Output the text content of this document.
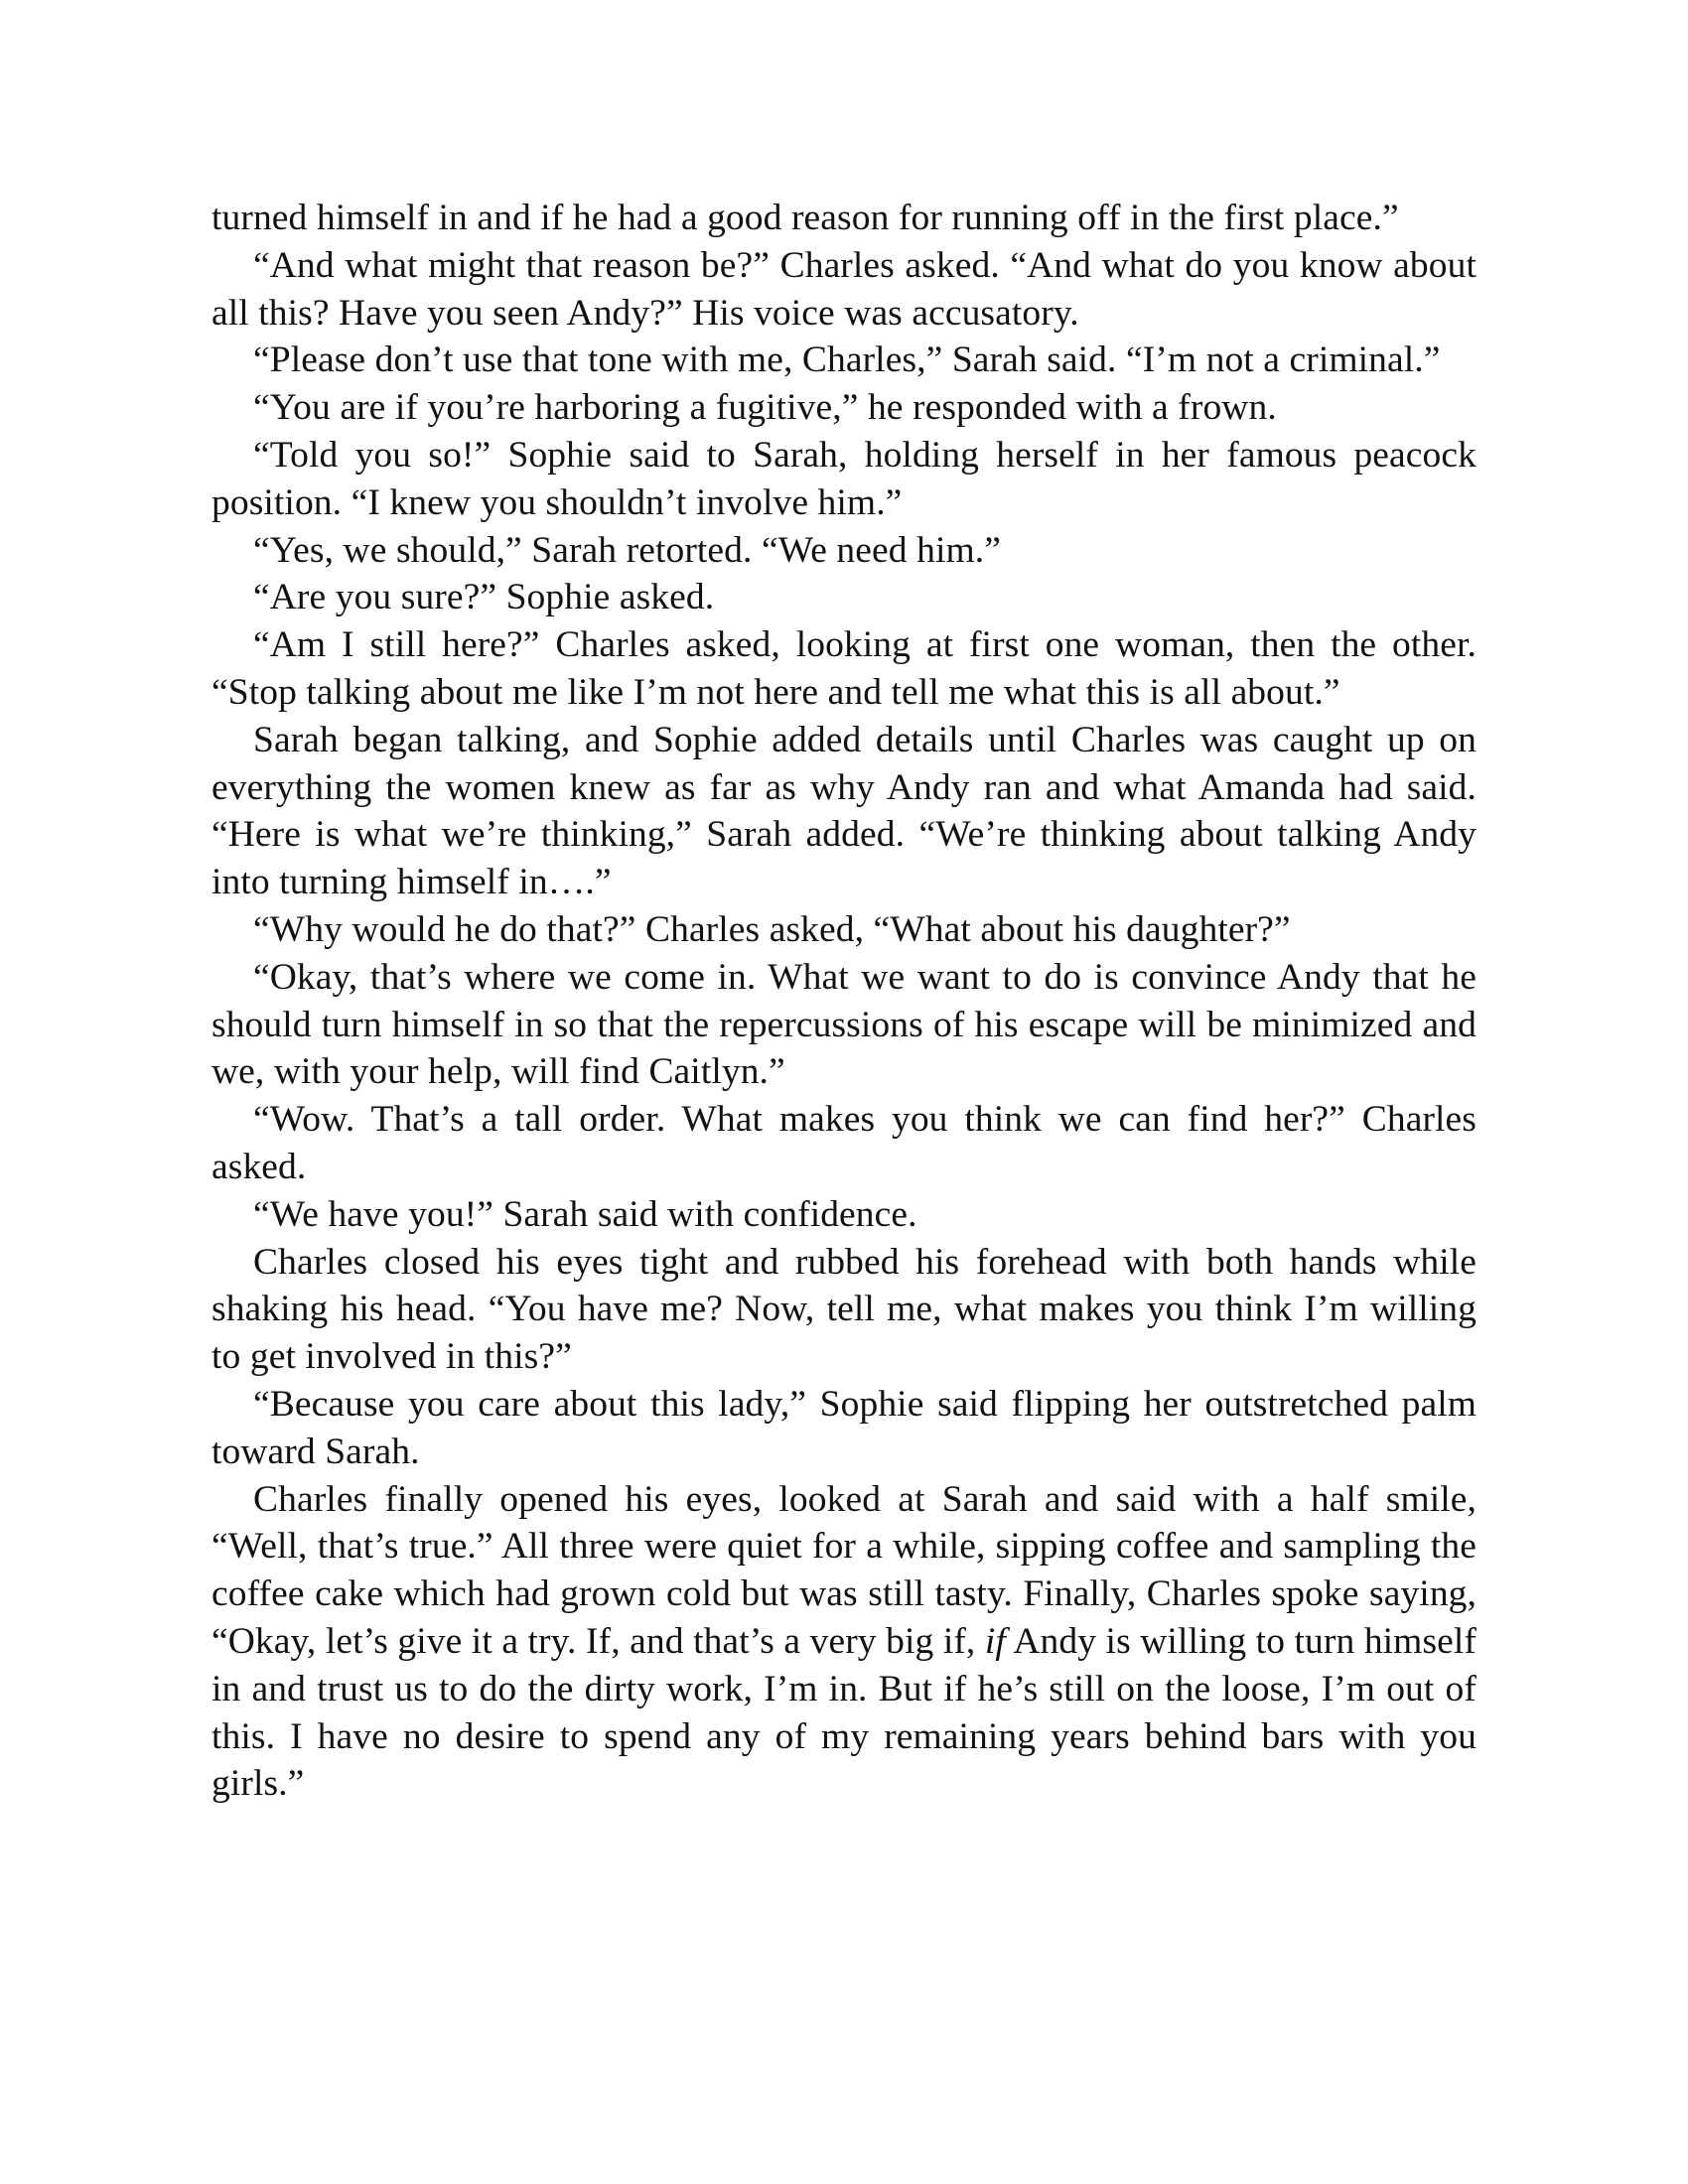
turned himself in and if he had a good reason for running off in the first place.”

“And what might that reason be?” Charles asked. “And what do you know about all this? Have you seen Andy?” His voice was accusatory.

“Please don’t use that tone with me, Charles,” Sarah said. “I’m not a criminal.”

“You are if you’re harboring a fugitive,” he responded with a frown.

“Told you so!” Sophie said to Sarah, holding herself in her famous peacock position. “I knew you shouldn’t involve him.”

“Yes, we should,” Sarah retorted. “We need him.”

“Are you sure?” Sophie asked.

“Am I still here?” Charles asked, looking at first one woman, then the other. “Stop talking about me like I’m not here and tell me what this is all about.”

Sarah began talking, and Sophie added details until Charles was caught up on everything the women knew as far as why Andy ran and what Amanda had said. “Here is what we’re thinking,” Sarah added. “We’re thinking about talking Andy into turning himself in….”

“Why would he do that?” Charles asked, “What about his daughter?”

“Okay, that’s where we come in. What we want to do is convince Andy that he should turn himself in so that the repercussions of his escape will be minimized and we, with your help, will find Caitlyn.”

“Wow. That’s a tall order. What makes you think we can find her?” Charles asked.

“We have you!” Sarah said with confidence.

Charles closed his eyes tight and rubbed his forehead with both hands while shaking his head. “You have me? Now, tell me, what makes you think I’m willing to get involved in this?”

“Because you care about this lady,” Sophie said flipping her outstretched palm toward Sarah.

Charles finally opened his eyes, looked at Sarah and said with a half smile, “Well, that’s true.” All three were quiet for a while, sipping coffee and sampling the coffee cake which had grown cold but was still tasty. Finally, Charles spoke saying, “Okay, let’s give it a try. If, and that’s a very big if, if Andy is willing to turn himself in and trust us to do the dirty work, I’m in. But if he’s still on the loose, I’m out of this. I have no desire to spend any of my remaining years behind bars with you girls.”
